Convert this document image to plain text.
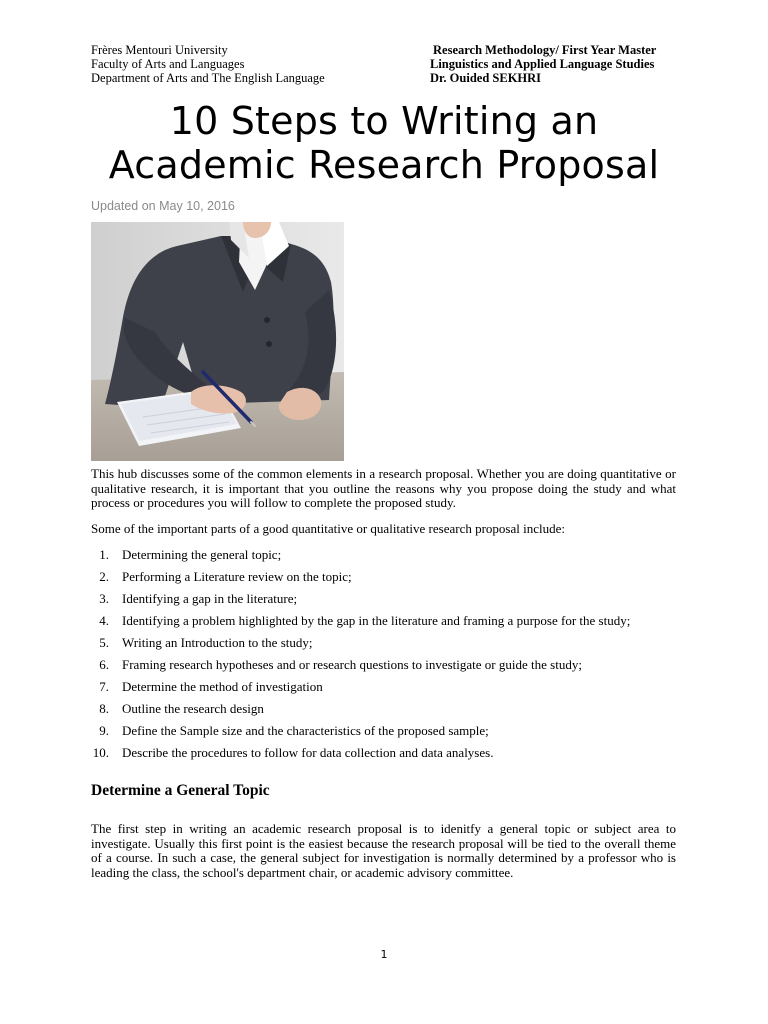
Frères Mentouri University
Faculty of Arts and Languages
Department of Arts and The English Language
Research Methodology/ First Year Master
Linguistics and Applied Language Studies
Dr. Ouided SEKHRI
10 Steps to Writing an
Academic Research Proposal
Updated on May 10, 2016

This hub discusses some of the common elements in a research proposal. Whether you are doing quantitative or qualitative research, it is important that you outline the reasons why you propose doing the study and what process or procedures you will follow to complete the proposed study.

Some of the important parts of a good quantitative or qualitative research proposal include:

1. Determining the general topic;
2. Performing a Literature review on the topic;
3. Identifying a gap in the literature;
4. Identifying a problem highlighted by the gap in the literature and framing a purpose for the study;
5. Writing an Introduction to the study;
6. Framing research hypotheses and or research questions to investigate or guide the study;
7. Determine the method of investigation
8. Outline the research design
9. Define the Sample size and the characteristics of the proposed sample;
10. Describe the procedures to follow for data collection and data analyses.
Determine a General Topic

The first step in writing an academic research proposal is to idenitfy a general topic or subject area to investigate. Usually this first point is the easiest because the research proposal will be tied to the overall theme of a course. In such a case, the general subject for investigation is normally determined by a professor who is leading the class, the school's department chair, or academic advisory committee.

1
